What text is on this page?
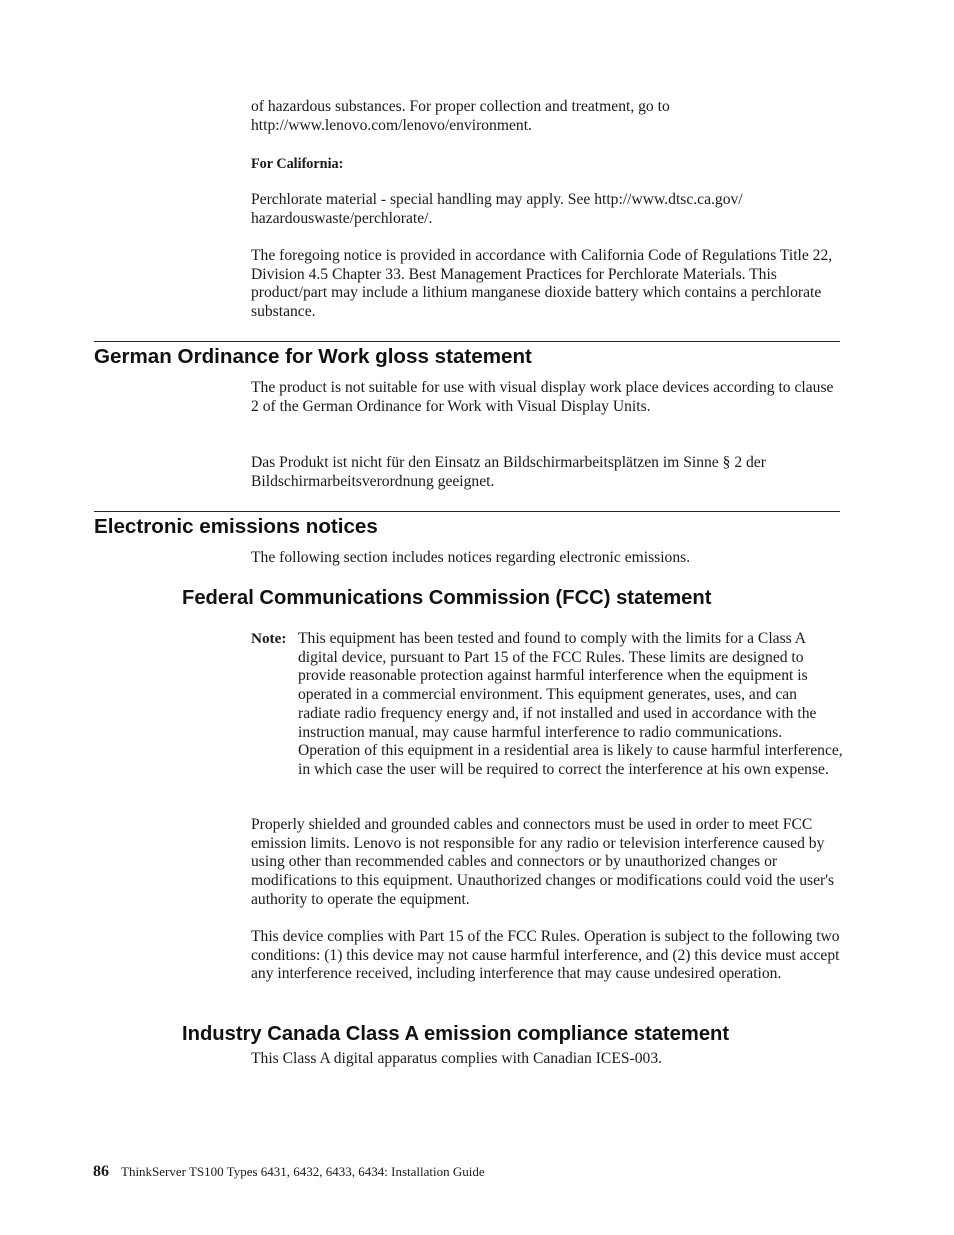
of hazardous substances. For proper collection and treatment, go to http://www.lenovo.com/lenovo/environment.

For California:

Perchlorate material - special handling may apply. See http://www.dtsc.ca.gov/ hazardouswaste/perchlorate/.

The foregoing notice is provided in accordance with California Code of Regulations Title 22, Division 4.5 Chapter 33. Best Management Practices for Perchlorate Materials. This product/part may include a lithium manganese dioxide battery which contains a perchlorate substance.

German Ordinance for Work gloss statement

The product is not suitable for use with visual display work place devices according to clause 2 of the German Ordinance for Work with Visual Display Units.

Das Produkt ist nicht für den Einsatz an Bildschirmarbeitsplätzen im Sinne § 2 der Bildschirmarbeitsverordnung geeignet.

Electronic emissions notices

The following section includes notices regarding electronic emissions.

Federal Communications Commission (FCC) statement
Note: This equipment has been tested and found to comply with the limits for a Class A digital device, pursuant to Part 15 of the FCC Rules. These limits are designed to provide reasonable protection against harmful interference when the equipment is operated in a commercial environment. This equipment generates, uses, and can radiate radio frequency energy and, if not installed and used in accordance with the instruction manual, may cause harmful interference to radio communications. Operation of this equipment in a residential area is likely to cause harmful interference, in which case the user will be required to correct the interference at his own expense.

Properly shielded and grounded cables and connectors must be used in order to meet FCC emission limits. Lenovo is not responsible for any radio or television interference caused by using other than recommended cables and connectors or by unauthorized changes or modifications to this equipment. Unauthorized changes or modifications could void the user's authority to operate the equipment.

This device complies with Part 15 of the FCC Rules. Operation is subject to the following two conditions: (1) this device may not cause harmful interference, and (2) this device must accept any interference received, including interference that may cause undesired operation.

Industry Canada Class A emission compliance statement

This Class A digital apparatus complies with Canadian ICES-003.

86 ThinkServer TS100 Types 6431, 6432, 6433, 6434: Installation Guide
